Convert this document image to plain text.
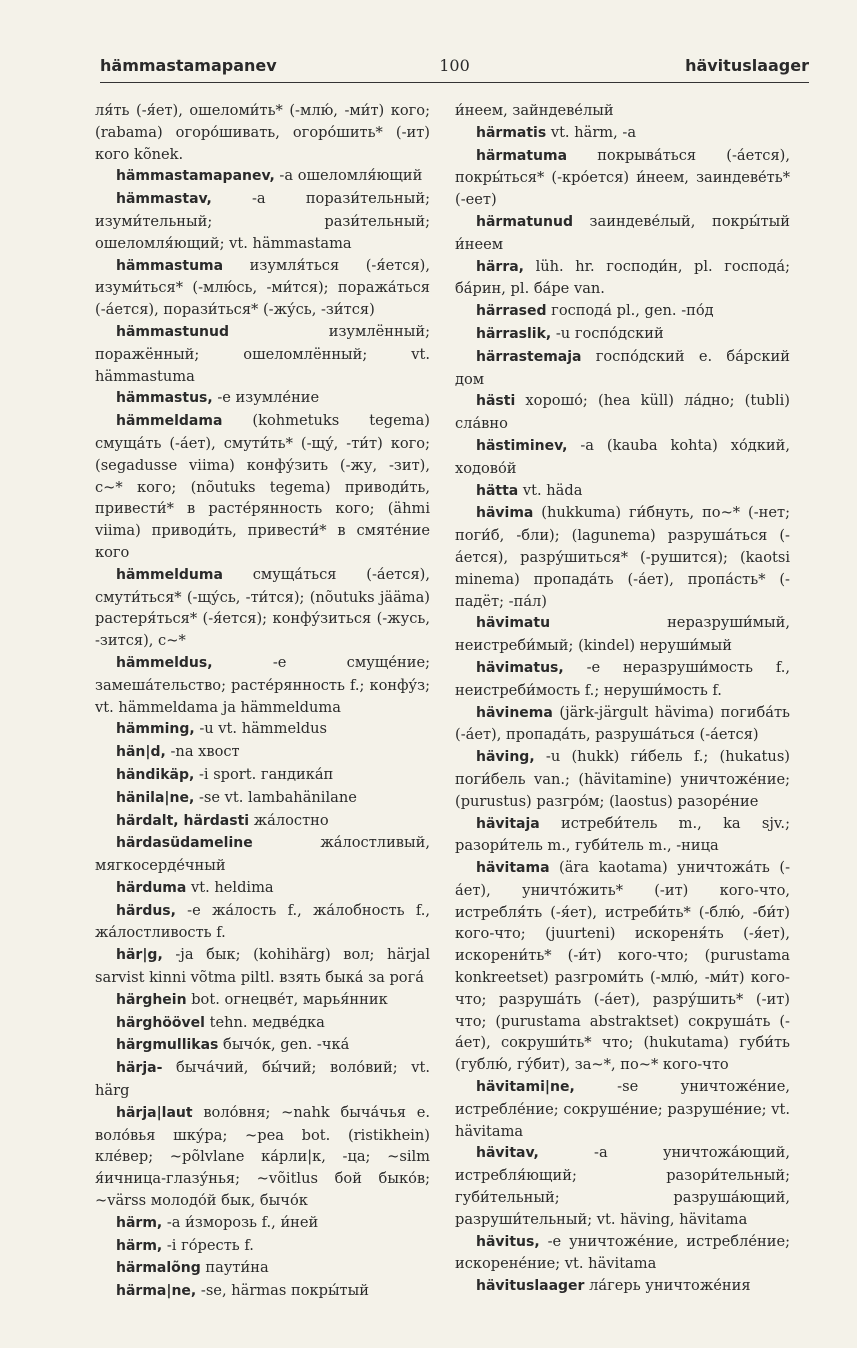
hämmastamapanev	100	hävituslaager

ля́ть (-я́ет), ошеломи́ть* (-млю́, -ми́т) кого; (rabama) огоро́шивать, огоро́шить* (-ит) кого kõnek.

hämmastamapanev, -a ошеломля́ющий

hämmastav, -a порази́тельный; изуми́тельный; рази́тельный; ошеломля́ющий; vt. hämmastama

hämmastuma изумля́ться (-я́ется), изуми́ться* (-млю́сь, -ми́тся); поража́ться (-а́ется), порази́ться* (-жу́сь, -зи́тся)

hämmastunud изумлённый; поражённый; ошеломлённый; vt. hämmastuma

hämmastus, -e изумле́ние

hämmeldama (kohmetuks tegema) смуща́ть (-а́ет), смути́ть* (-щу́, -ти́т) кого; (segadusse viima) конфу́зить (-жу, -зит), с~* кого; (nõutuks tegema) приводи́ть, привести́* в расте́рянность кого; (ähmi viima) приводи́ть, привести́* в смяте́ние кого

hämmelduma смуща́ться (-а́ется), смути́ться* (-щу́сь, -ти́тся); (nõutuks jääma) растеря́ться* (-я́ется); конфу́зиться (-жусь, -зится), с~*

hämmeldus, -e смуще́ние; замеша́тельство; расте́рянность f.; конфу́з; vt. hämmeldama ja hämmelduma

hämming, -u vt. hämmeldus

hän|d, -na хвост

händikäp, -i sport. гандика́п

hänila|ne, -se vt. lambahänilane

härdalt, härdasti жа́лостно

härdasüdameline жа́лостливый, мягкосерде́чный

härduma vt. heldima

härdus, -e жа́лость f., жа́лобность f., жа́лостливость f.

här|g, -ja бык; (kohihärg) вол; härjal sarvist kinni võtma piltl. взять быка́ за рога́

härghein bot. огнецве́т, марья́нник

härghöövel tehn. медве́дка

härgmullikas бычо́к, gen. -чка́

härja- быча́чий, бы́чий; воло́вий; vt. härg

härja|laut воло́вня; ~nahk быча́чья e. воло́вья шку́ра; ~pea bot. (ristikhein) кле́вер; ~põlvlane ка́рли|к, -ца; ~silm я́ичница-глазу́нья; ~võitlus бой быко́в; ~värss молодо́й бык, бычо́к

härm, -a и́зморозь f., и́ней

härm, -i го́ресть f.

härmalõng паути́на

härma|ne, -se, härmas покры́тый

и́неем, зайндеве́лый

härmatis vt. härm, -a

härmatuma покрыва́ться (-а́ется), покры́ться* (-кро́ется) и́неем, заиндеве́ть* (-еет)

härmatunud заиндеве́лый, покры́тый и́неем

härra, lüh. hr. господи́н, pl. господа́; ба́рин, pl. ба́ре van.

härrased господа́ pl., gen. -по́д

härraslik, -u госпо́дский

härrastemaja госпо́дский e. ба́рский дом

hästi хорошо́; (hea küll) ла́дно; (tubli) сла́вно

hästiminev, -a (kauba kohta) хо́дкий, ходово́й

hätta vt. häda

hävima (hukkuma) ги́бнуть, по~* (-нет; поги́б, -бли); (lagunema) разруша́ться (-а́ется), разру́шиться* (-рушится); (kaotsi minema) пропада́ть (-а́ет), пропа́сть* (-падёт; -па́л)

hävimatu неразруши́мый, неистреби́мый; (kindel) неруши́мый

hävimatus, -e неразруши́мость f., неистреби́мость f.; неруши́мость f.

hävinema (järk-järgult hävima) погиба́ть (-а́ет), пропада́ть, разруша́ться (-а́ется)

häving, -u (hukk) ги́бель f.; (hukatus) поги́бель van.; (hävitamine) уничтоже́ние; (purustus) разгро́м; (laostus) разоре́ние

hävitaja истреби́тель m., ka sjv.; разори́тель m., губи́тель m., -ница

hävitama (ära kaotama) уничтожа́ть (-а́ет), уничто́жить* (-ит) кого-что, истребля́ть (-я́ет), истреби́ть* (-блю́, -би́т) кого-что; (juurteni) искореня́ть (-я́ет), искорени́ть* (-и́т) кого-что; (purustama konkreetset) разгроми́ть (-млю́, -ми́т) кого-что; разруша́ть (-а́ет), разру́шить* (-ит) что; (purustama abstraktset) сокруша́ть (-а́ет), сокруши́ть* что; (hukutama) губи́ть (гублю́, гу́бит), за~*, по~* кого-что

hävitami|ne, -se уничтоже́ние, истребле́ние; сокруше́ние; разруше́ние; vt. hävitama

hävitav, -a уничтожа́ющий, истребля́ющий; разори́тельный; губи́тельный; разруша́ющий, разруши́тельный; vt. häving, hävitama

hävitus, -e уничтоже́ние, истребле́ние; искорене́ние; vt. hävitama

hävituslaager ла́герь уничтоже́ния
